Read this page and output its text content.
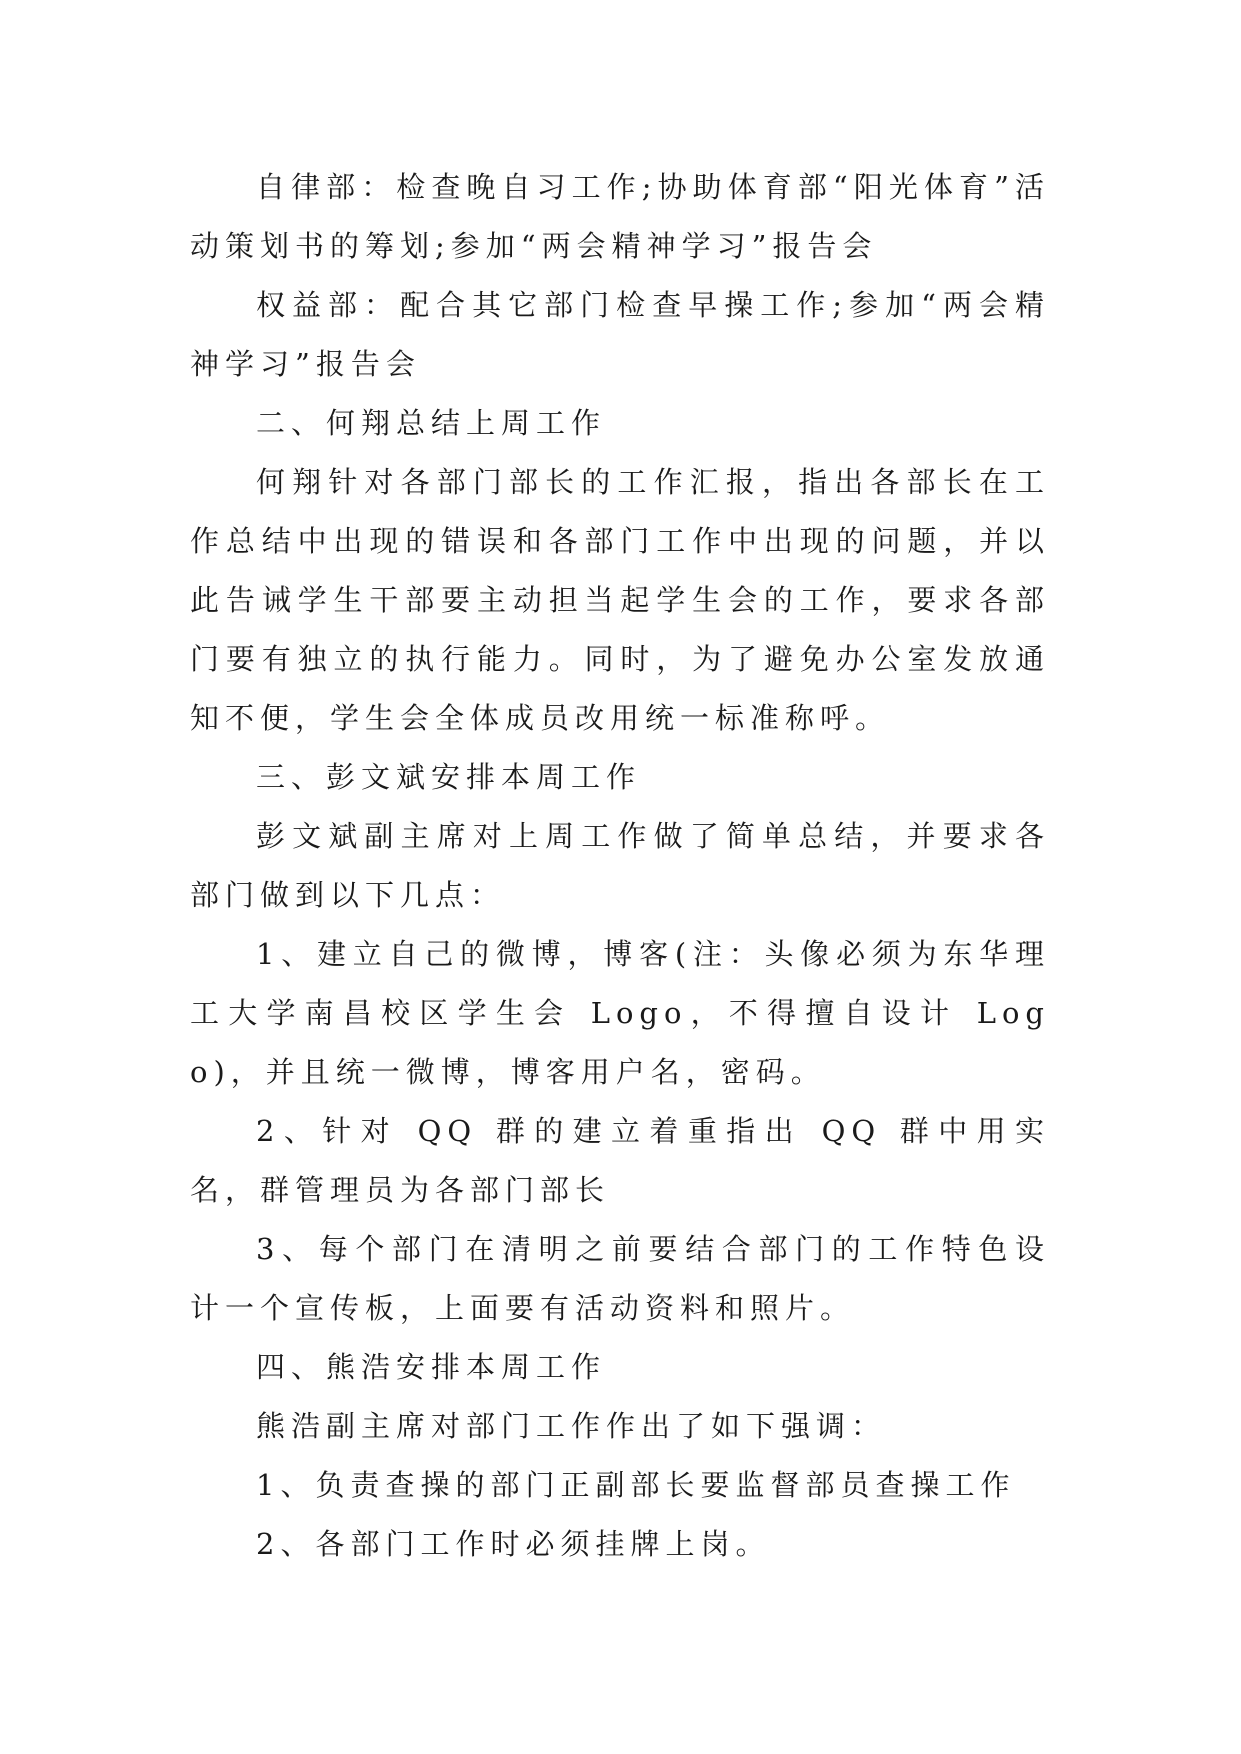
自律部：检查晚自习工作;协助体育部“阳光体育”活动策划书的筹划;参加“两会精神学习”报告会

权益部：配合其它部门检查早操工作;参加“两会精神学习”报告会

二、何翔总结上周工作

何翔针对各部门部长的工作汇报，指出各部长在工作总结中出现的错误和各部门工作中出现的问题，并以此告诫学生干部要主动担当起学生会的工作，要求各部门要有独立的执行能力。同时，为了避免办公室发放通知不便，学生会全体成员改用统一标准称呼。

三、彭文斌安排本周工作

彭文斌副主席对上周工作做了简单总结，并要求各部门做到以下几点：

1、建立自己的微博，博客(注：头像必须为东华理工大学南昌校区学生会 Logo，不得擅自设计 Logo)，并且统一微博，博客用户名，密码。

2、针对 QQ 群的建立着重指出 QQ 群中用实名，群管理员为各部门部长

3、每个部门在清明之前要结合部门的工作特色设计一个宣传板，上面要有活动资料和照片。

四、熊浩安排本周工作

熊浩副主席对部门工作作出了如下强调：

1、负责查操的部门正副部长要监督部员查操工作

2、各部门工作时必须挂牌上岗。
